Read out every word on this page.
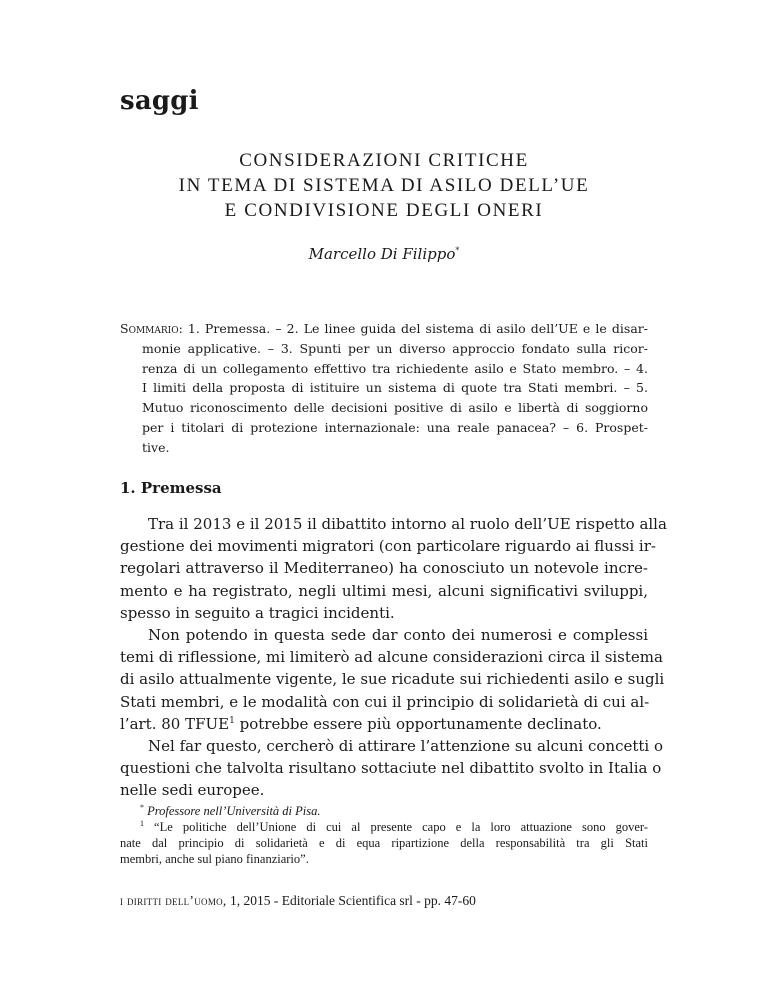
saggi
CONSIDERAZIONI CRITICHE
IN TEMA DI SISTEMA DI ASILO DELL’UE
E CONDIVISIONE DEGLI ONERI
Marcello Di Filippo*
Sommario: 1. Premessa. – 2. Le linee guida del sistema di asilo dell’UE e le disar-
monie applicative. – 3. Spunti per un diverso approccio fondato sulla ricor-
renza di un collegamento effettivo tra richiedente asilo e Stato membro. – 4.
I limiti della proposta di istituire un sistema di quote tra Stati membri. – 5.
Mutuo riconoscimento delle decisioni positive di asilo e libertà di soggiorno
per i titolari di protezione internazionale: una reale panacea? – 6. Prospet-
tive.
1. Premessa
Tra il 2013 e il 2015 il dibattito intorno al ruolo dell’UE rispetto alla
gestione dei movimenti migratori (con particolare riguardo ai flussi ir-
regolari attraverso il Mediterraneo) ha conosciuto un notevole incre-
mento e ha registrato, negli ultimi mesi, alcuni significativi sviluppi,
spesso in seguito a tragici incidenti.
Non potendo in questa sede dar conto dei numerosi e complessi
temi di riflessione, mi limiterò ad alcune considerazioni circa il sistema
di asilo attualmente vigente, le sue ricadute sui richiedenti asilo e sugli
Stati membri, e le modalità con cui il principio di solidarietà di cui al-
l’art. 80 TFUE$^1$ potrebbe essere più opportunamente declinato.
Nel far questo, cercherò di attirare l’attenzione su alcuni concetti o
questioni che talvolta risultano sottaciute nel dibattito svolto in Italia o
nelle sedi europee.
* Professore nell’Università di Pisa.
$^1$ “Le politiche dell’Unione di cui al presente capo e la loro attuazione sono gover-
nate dal principio di solidarietà e di equa ripartizione della responsabilità tra gli Stati
membri, anche sul piano finanziario”.
i diritti dell’uomo, 1, 2015 - Editoriale Scientifica srl - pp. 47-60
